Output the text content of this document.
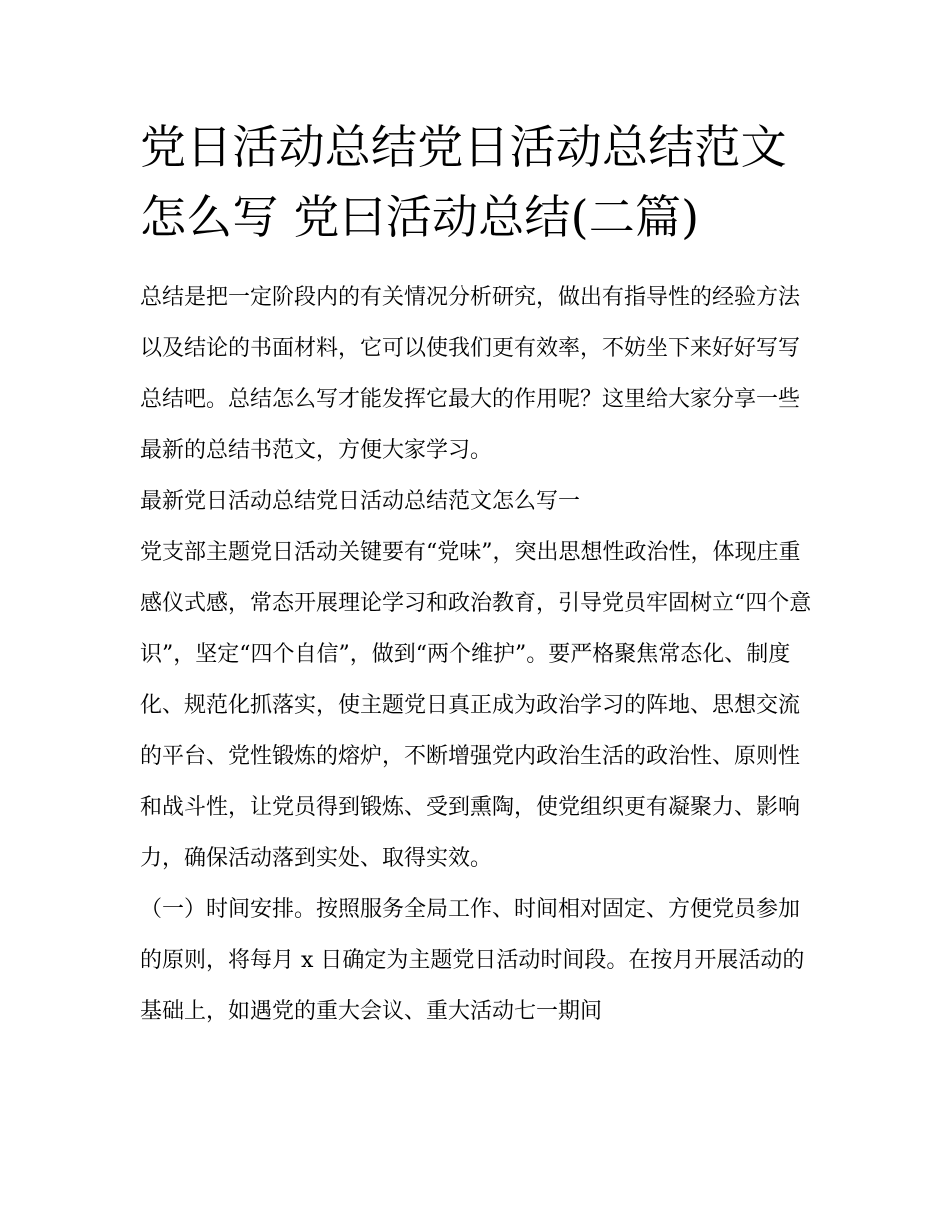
党日活动总结党日活动总结范文怎么写 党曰活动总结(二篇)

总结是把一定阶段内的有关情况分析研究，做出有指导性的经验方法以及结论的书面材料，它可以使我们更有效率，不妨坐下来好好写写总结吧。总结怎么写才能发挥它最大的作用呢？这里给大家分享一些最新的总结书范文，方便大家学习。

最新党日活动总结党日活动总结范文怎么写一

党支部主题党日活动关键要有“党味”，突出思想性政治性，体现庄重感仪式感，常态开展理论学习和政治教育，引导党员牢固树立“四个意识”，坚定“四个自信”，做到“两个维护”。要严格聚焦常态化、制度化、规范化抓落实，使主题党日真正成为政治学习的阵地、思想交流的平台、党性锻炼的熔炉，不断增强党内政治生活的政治性、原则性和战斗性，让党员得到锻炼、受到熏陶，使党组织更有凝聚力、影响力，确保活动落到实处、取得实效。

（一）时间安排。按照服务全局工作、时间相对固定、方便党员参加的原则，将每月 x 日确定为主题党日活动时间段。在按月开展活动的基础上，如遇党的重大会议、重大活动七一期间
